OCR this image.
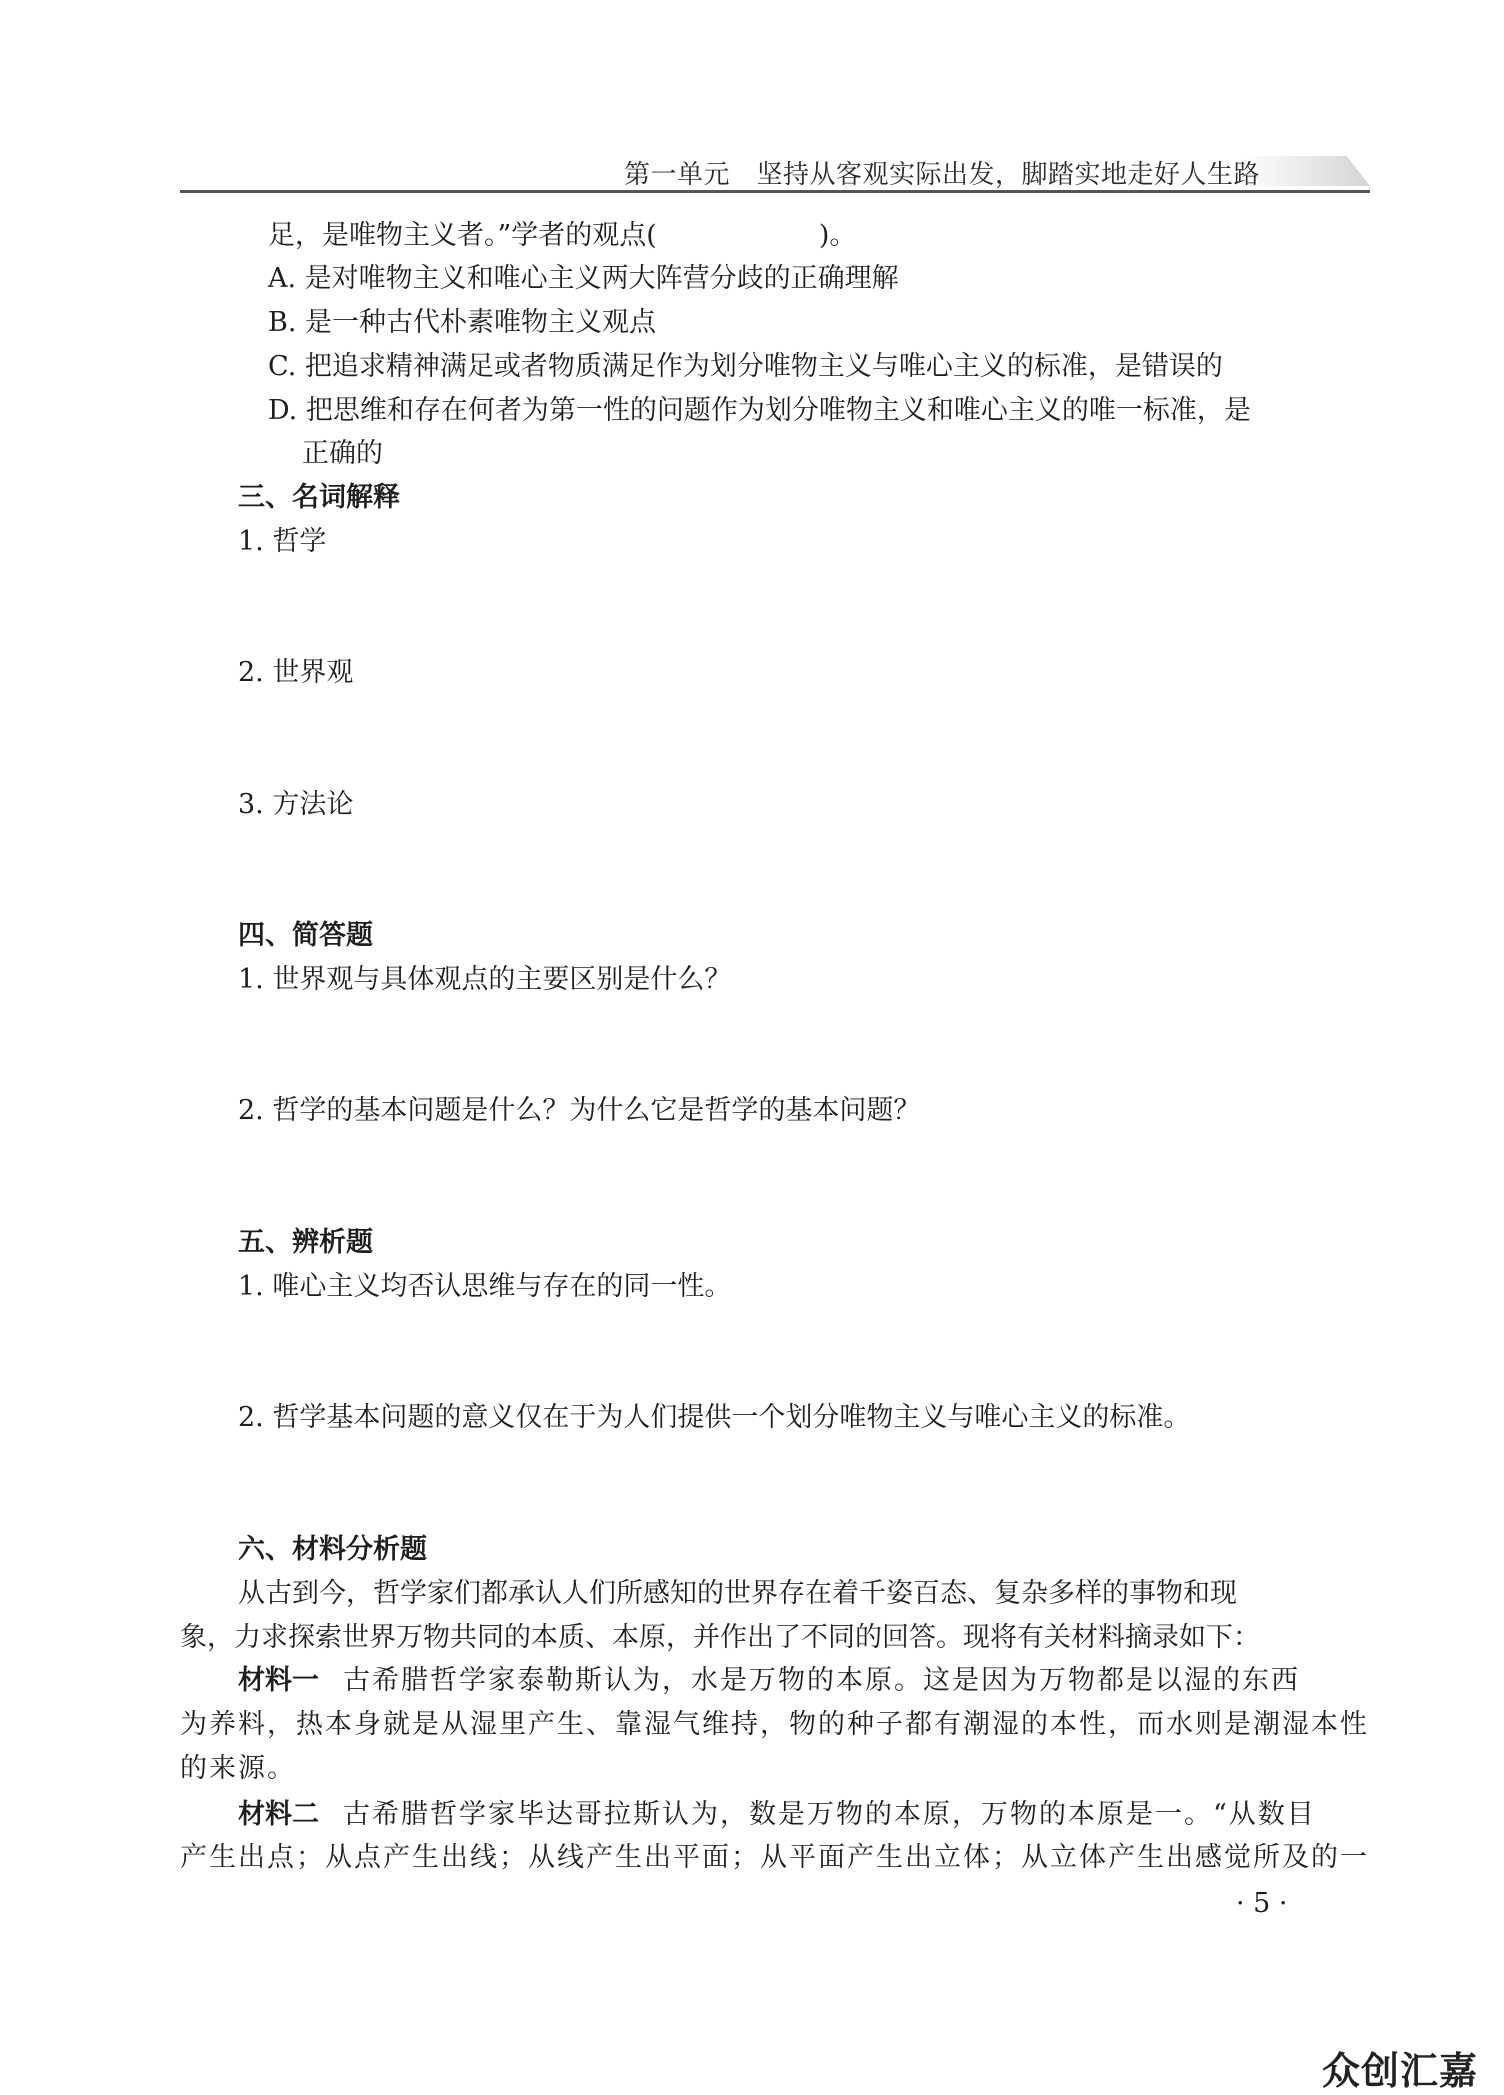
第一单元　坚持从客观实际出发，脚踏实地走好人生路
足，是唯物主义者。”学者的观点(　　　　　　)。
A. 是对唯物主义和唯心主义两大阵营分歧的正确理解
B. 是一种古代朴素唯物主义观点
C. 把追求精神满足或者物质满足作为划分唯物主义与唯心主义的标准，是错误的
D. 把思维和存在何者为第一性的问题作为划分唯物主义和唯心主义的唯一标准，是
正确的
三、名词解释
1. 哲学
2. 世界观
3. 方法论
四、简答题
1. 世界观与具体观点的主要区别是什么？
2. 哲学的基本问题是什么？为什么它是哲学的基本问题？
五、辨析题
1. 唯心主义均否认思维与存在的同一性。
2. 哲学基本问题的意义仅在于为人们提供一个划分唯物主义与唯心主义的标准。
六、材料分析题
从古到今，哲学家们都承认人们所感知的世界存在着千姿百态、复杂多样的事物和现
象，力求探索世界万物共同的本质、本原，并作出了不同的回答。现将有关材料摘录如下：
材料一 古希腊哲学家泰勒斯认为，水是万物的本原。这是因为万物都是以湿的东西
为养料，热本身就是从湿里产生、靠湿气维持，物的种子都有潮湿的本性，而水则是潮湿本性
的来源。
材料二 古希腊哲学家毕达哥拉斯认为，数是万物的本原，万物的本原是一。“从数目
产生出点；从点产生出线；从线产生出平面；从平面产生出立体；从立体产生出感觉所及的一
· 5 ·
众创汇嘉
